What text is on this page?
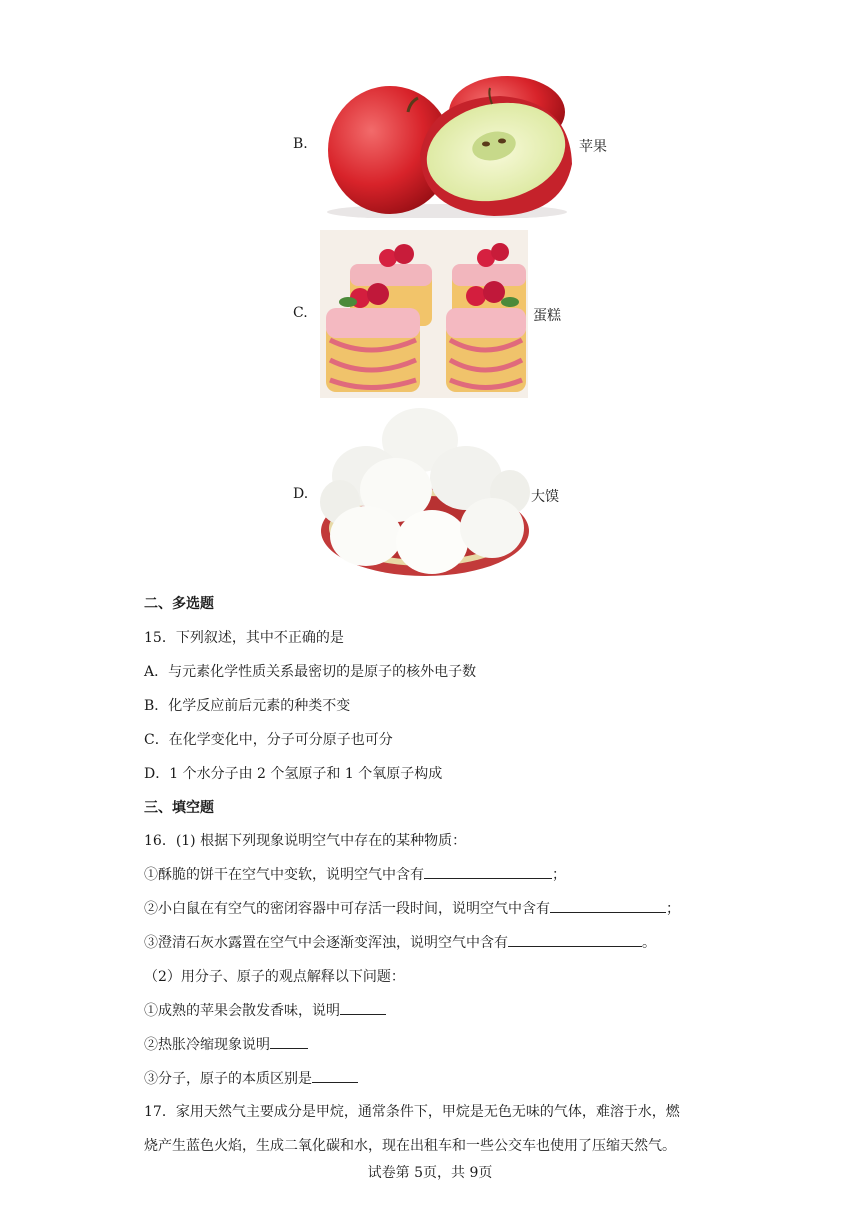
B.	苹果
C.	蛋糕
D.	大馍
二、多选题
15．下列叙述，其中不正确的是
A．与元素化学性质关系最密切的是原子的核外电子数
B．化学反应前后元素的种类不变
C．在化学变化中，分子可分原子也可分
D．1 个水分子由 2 个氢原子和 1 个氧原子构成
三、填空题
16．(1) 根据下列现象说明空气中存在的某种物质：
①酥脆的饼干在空气中变软，说明空气中含有	；
②小白鼠在有空气的密闭容器中可存活一段时间，说明空气中含有	；
③澄清石灰水露置在空气中会逐渐变浑浊，说明空气中含有	。
（2）用分子、原子的观点解释以下问题：
①成熟的苹果会散发香味，说明
②热胀冷缩现象说明
③分子，原子的本质区别是
17．家用天然气主要成分是甲烷，通常条件下，甲烷是无色无味的气体，难溶于水，燃
烧产生蓝色火焰，生成二氧化碳和水，现在出租车和一些公交车也使用了压缩天然气。
试卷第 5页，共 9页
